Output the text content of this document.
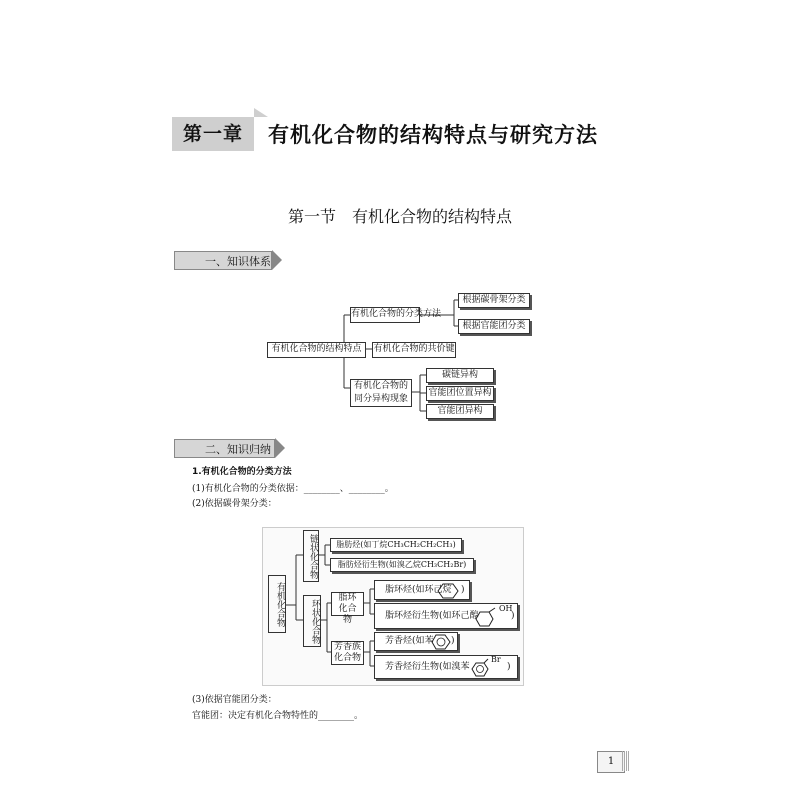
第一章	有机化合物的结构特点与研究方法
第一节　有机化合物的结构特点
一、知识体系
有机化合物的结构特点
有机化合物的分类方法
根据碳骨架分类
根据官能团分类
有机化合物的共价键
有机化合物的
同分异构现象
碳链异构
官能团位置异构
官能团异构
二、知识归纳
1.有机化合物的分类方法
(1)有机化合物的分类依据：________、________。
(2)依据碳骨架分类：
有机化合物
链状化合物
环状化合物
脂肪烃(如丁烷CH₃CH₂CH₂CH₃)
脂肪烃衍生物(如溴乙烷CH₃CH₂Br)
脂环化合物
脂环烃(如环己烷 )
脂环烃衍生物(如环己醇
OH
)
芳香族化合物
芳香烃(如苯 )
芳香烃衍生物(如溴苯
Br
)
(3)依据官能团分类：
官能团：决定有机化合物特性的________。
1
